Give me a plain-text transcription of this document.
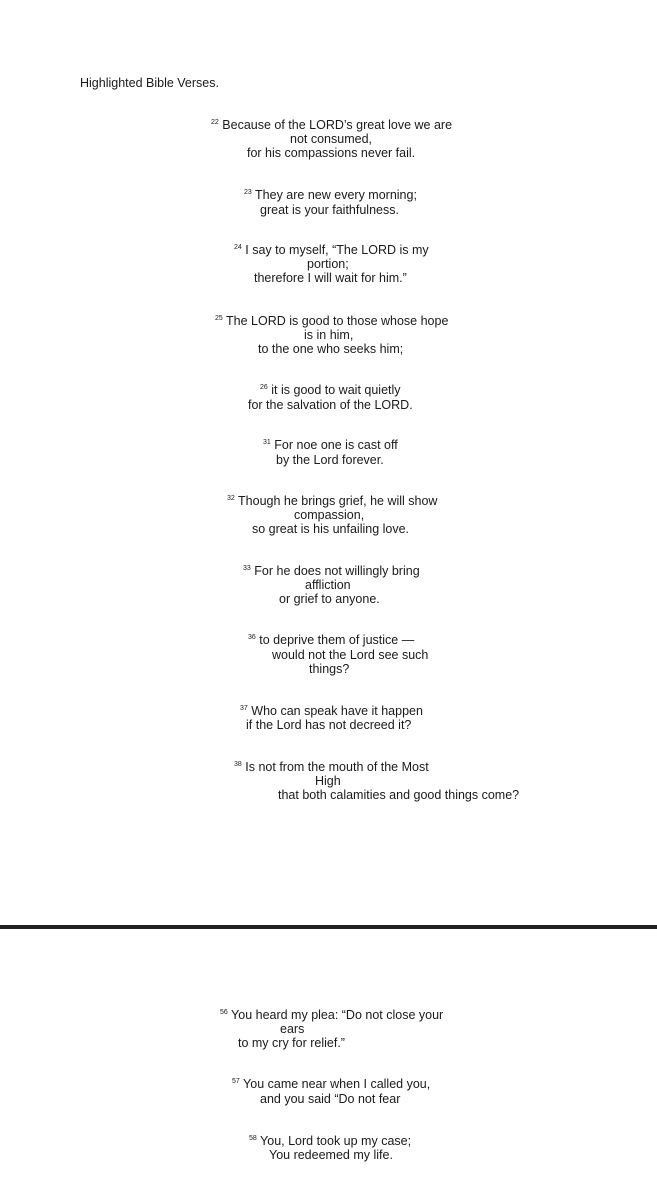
Highlighted Bible Verses.
$^{22}$ Because of the LORD’s great love we are
not consumed,
for his compassions never fail.
$^{23}$ They are new every morning;
great is your faithfulness.
$^{24}$ I say to myself, “The LORD is my
portion;
therefore I will wait for him.”
$^{25}$ The LORD is good to those whose hope
is in him,
to the one who seeks him;
$^{26}$ it is good to wait quietly
for the salvation of the LORD.
$^{31}$ For noe one is cast off
by the Lord forever.
$^{32}$ Though he brings grief, he will show
compassion,
so great is his unfailing love.
$^{33}$ For he does not willingly bring
affliction
or grief to anyone.
$^{36}$ to deprive them of justice —
would not the Lord see such
things?
$^{37}$ Who can speak have it happen
if the Lord has not decreed it?
$^{38}$ Is not from the mouth of the Most
High
that both calamities and good things come?
$^{56}$ You heard my plea: “Do not close your
ears
to my cry for relief.”
$^{57}$ You came near when I called you,
and you said “Do not fear
$^{58}$ You, Lord took up my case;
You redeemed my life.
